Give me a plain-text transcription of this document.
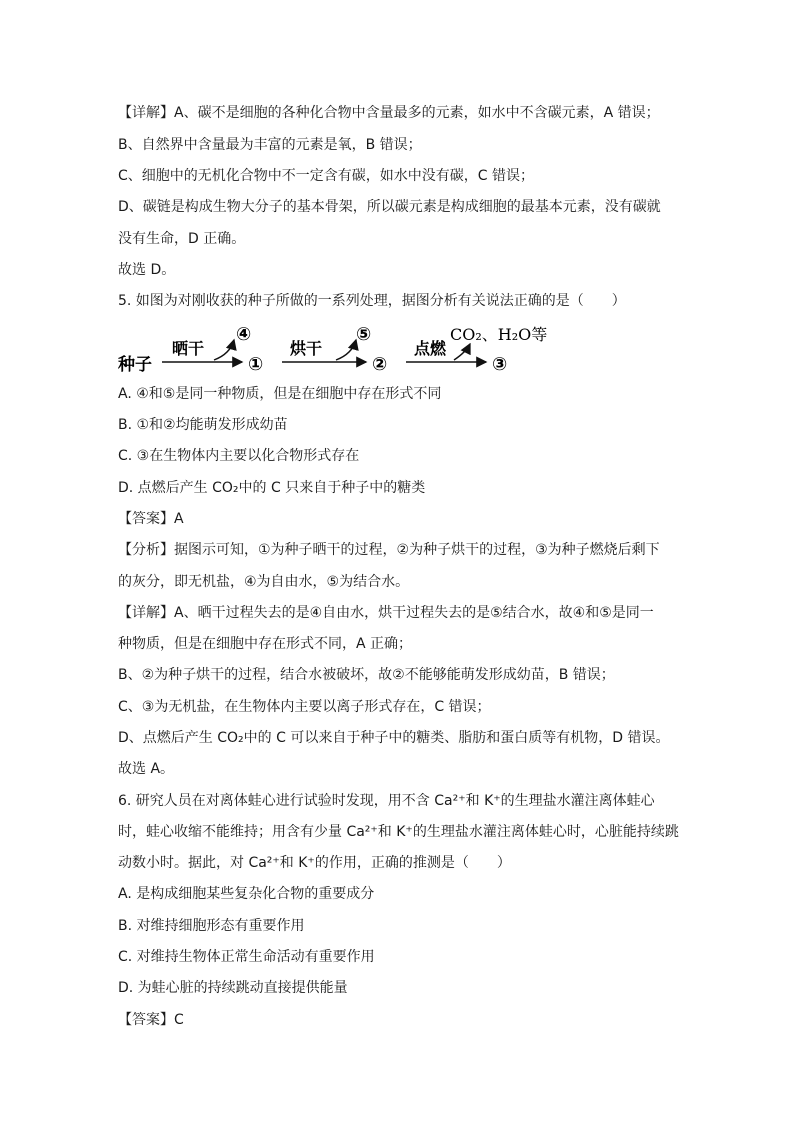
【详解】A、碳不是细胞的各种化合物中含量最多的元素，如水中不含碳元素，A 错误；
B、自然界中含量最为丰富的元素是氧，B 错误；
C、细胞中的无机化合物中不一定含有碳，如水中没有碳，C 错误；
D、碳链是构成生物大分子的基本骨架，所以碳元素是构成细胞的最基本元素，没有碳就
没有生命，D 正确。
故选 D。
5. 如图为对刚收获的种子所做的一系列处理，据图分析有关说法正确的是（　　）
种子
晒干
④
①
烘干
⑤
②
点燃
CO₂、H₂O等
③
A. ④和⑤是同一种物质，但是在细胞中存在形式不同
B. ①和②均能萌发形成幼苗
C. ③在生物体内主要以化合物形式存在
D. 点燃后产生 CO₂中的 C 只来自于种子中的糖类
【答案】A
【分析】据图示可知，①为种子晒干的过程，②为种子烘干的过程，③为种子燃烧后剩下
的灰分，即无机盐，④为自由水，⑤为结合水。
【详解】A、晒干过程失去的是④自由水，烘干过程失去的是⑤结合水，故④和⑤是同一
种物质，但是在细胞中存在形式不同，A 正确；
B、②为种子烘干的过程，结合水被破坏，故②不能够能萌发形成幼苗，B 错误；
C、③为无机盐，在生物体内主要以离子形式存在，C 错误；
D、点燃后产生 CO₂中的 C 可以来自于种子中的糖类、脂肪和蛋白质等有机物，D 错误。
故选 A。
6. 研究人员在对离体蛙心进行试验时发现，用不含 Ca²⁺和 K⁺的生理盐水灌注离体蛙心
时，蛙心收缩不能维持；用含有少量 Ca²⁺和 K⁺的生理盐水灌注离体蛙心时，心脏能持续跳
动数小时。据此，对 Ca²⁺和 K⁺的作用，正确的推测是（　　）
A. 是构成细胞某些复杂化合物的重要成分
B. 对维持细胞形态有重要作用
C. 对维持生物体正常生命活动有重要作用
D. 为蛙心脏的持续跳动直接提供能量
【答案】C
